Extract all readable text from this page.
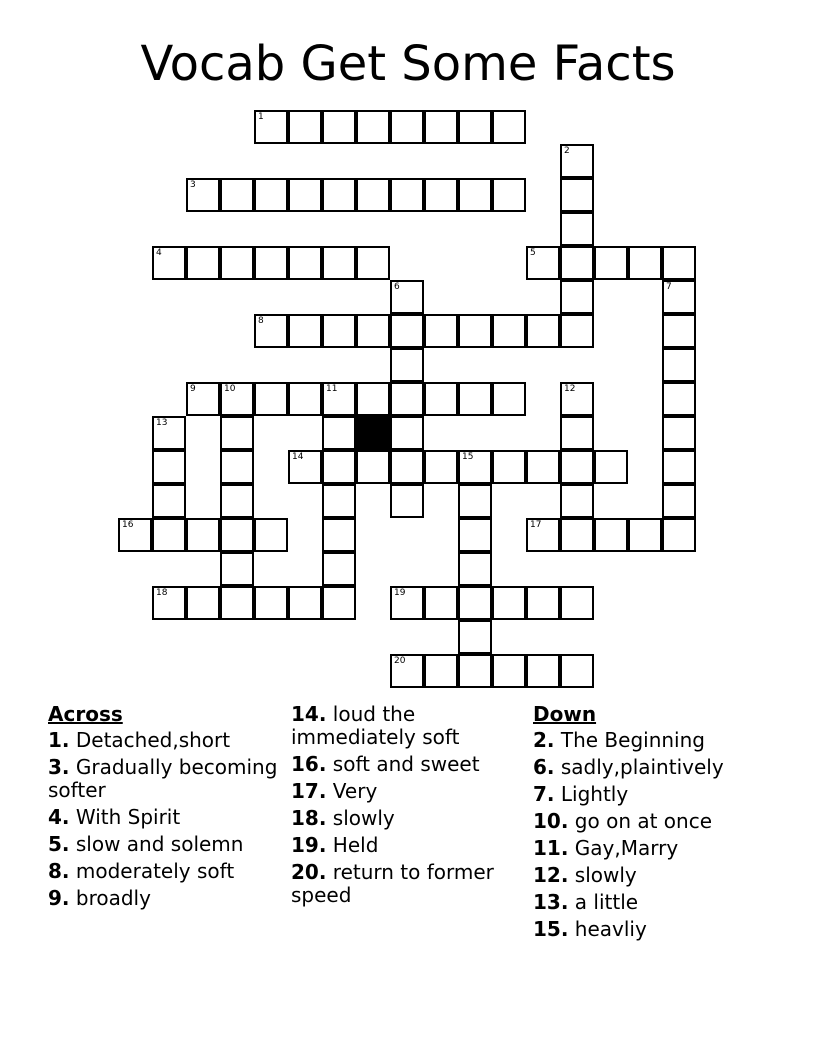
Vocab Get Some Facts
1
3
4	5
8
9	10	11
14	15
16	17
18	19
20
2
6	7
12
13
Across
1. Detached,short
3. Gradually becoming softer
4. With Spirit
5. slow and solemn
8. moderately soft
9. broadly
14. loud the immediately soft
16. soft and sweet
17. Very
18. slowly
19. Held
20. return to former speed
Down
2. The Beginning
6. sadly,plaintively
7. Lightly
10. go on at once
11. Gay,Marry
12. slowly
13. a little
15. heavliy
